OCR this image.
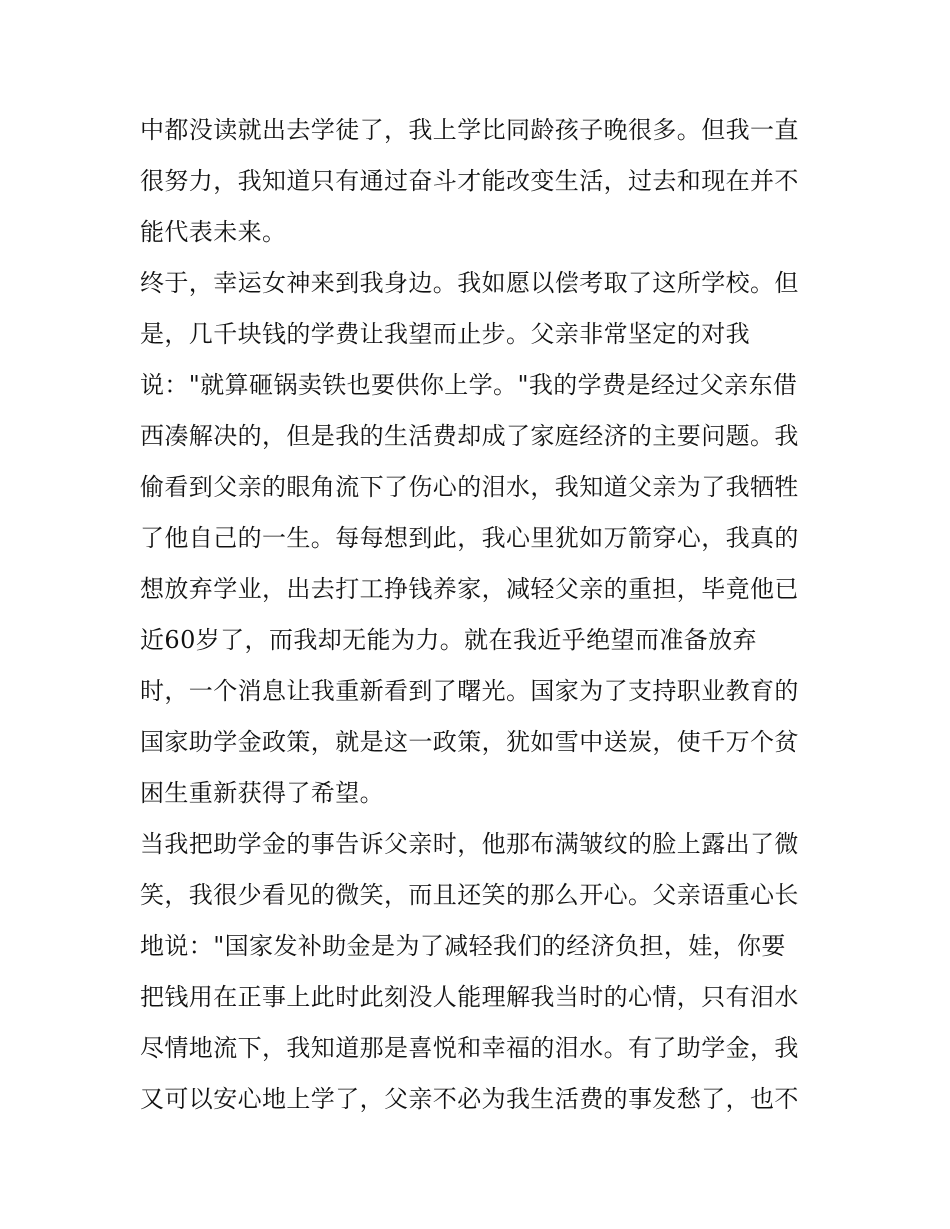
中都没读就出去学徒了，我上学比同龄孩子晚很多。但我一直
很努力，我知道只有通过奋斗才能改变生活，过去和现在并不
能代表未来。
终于，幸运女神来到我身边。我如愿以偿考取了这所学校。但
是，几千块钱的学费让我望而止步。父亲非常坚定的对我
说："就算砸锅卖铁也要供你上学。"我的学费是经过父亲东借
西凑解决的，但是我的生活费却成了家庭经济的主要问题。我
偷看到父亲的眼角流下了伤心的泪水，我知道父亲为了我牺牲
了他自己的一生。每每想到此，我心里犹如万箭穿心，我真的
想放弃学业，出去打工挣钱养家，减轻父亲的重担，毕竟他已
近60岁了，而我却无能为力。就在我近乎绝望而准备放弃
时，一个消息让我重新看到了曙光。国家为了支持职业教育的
国家助学金政策，就是这一政策，犹如雪中送炭，使千万个贫
困生重新获得了希望。
当我把助学金的事告诉父亲时，他那布满皱纹的脸上露出了微
笑，我很少看见的微笑，而且还笑的那么开心。父亲语重心长
地说："国家发补助金是为了减轻我们的经济负担，娃，你要
把钱用在正事上此时此刻没人能理解我当时的心情，只有泪水
尽情地流下，我知道那是喜悦和幸福的泪水。有了助学金，我
又可以安心地上学了，父亲不必为我生活费的事发愁了，也不
